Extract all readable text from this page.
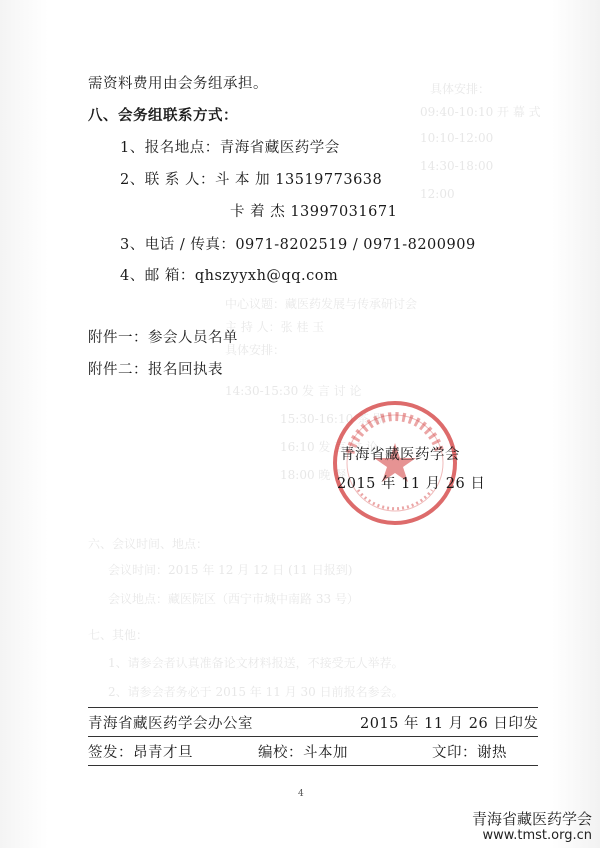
具体安排：
09:40-10:10 开 幕 式
10:10-12:00
14:30-18:00
12:00
中心议题：藏医药发展与传承研讨会
主 持 人：张 桂 玉
具体安排：
14:30-15:30 发 言 讨 论
15:30-16:10 茶 歇
16:10 发 言 讨 论
18:00 晚 餐
六、会议时间、地点：
会议时间：2015 年 12 月 12 日 (11 日报到)
会议地点：藏医院区（西宁市城中南路 33 号）
七、其他：
1、请参会者认真准备论文材料报送，不接受无人举荐。
2、请参会者务必于 2015 年 11 月 30 日前报名参会。
需资料费用由会务组承担。
八、会务组联系方式：
1、报名地点：青海省藏医药学会
2、联 系 人：斗 本 加 13519773638
卡 着 杰 13997031671
3、电话 / 传真：0971-8202519 / 0971-8200909
4、邮 箱：qhszyyxh@qq.com
附件一：参会人员名单
附件二：报名回执表
青海省藏医药学会
2015 年 11 月 26 日
青海省藏医药学会办公室	2015 年 11 月 26 日印发
签发：昂青才旦	编校：斗本加	文印：谢热
4
青海省藏医药学会
www.tmst.org.cn
